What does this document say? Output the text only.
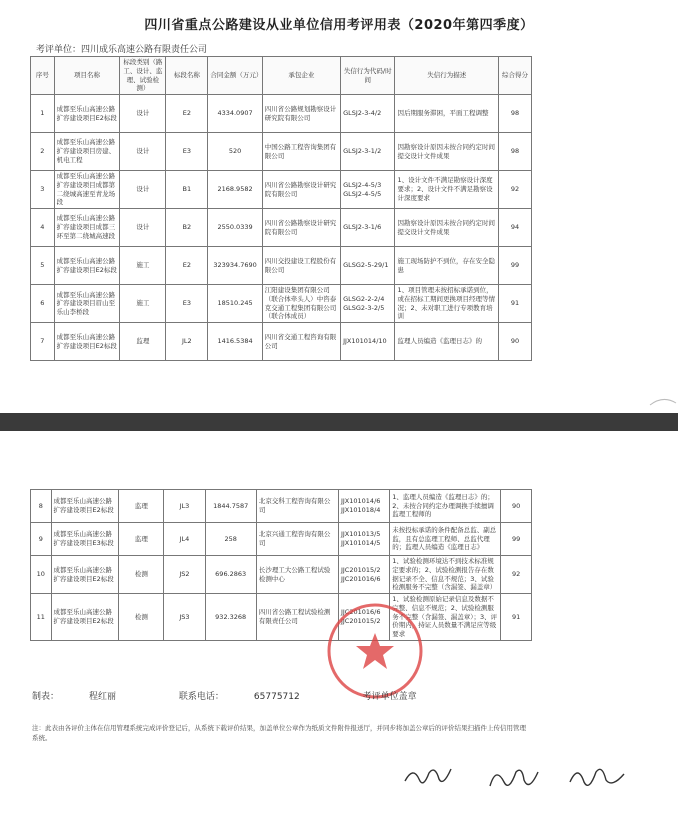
四川省重点公路建设从业单位信用考评用表（2020年第四季度）
考评单位：四川成乐高速公路有限责任公司
序号	项目名称	标段类别（路工、设计、监理、试验检测）	标段名称	合同金额（万元）	承包企业	失信行为代码/时间	失信行为描述	综合得分
1	成都至乐山高速公路扩容建设项目E2标段	设计	E2	4334.0907	四川省公路规划勘察设计研究院有限公司	GLSJ2-3-4/2	因后期服务滞困，平面工程调整	98
2	成都至乐山高速公路扩容建设项目房建、机电工程	设计	E3	520	中国公路工程咨询集团有限公司	GLSJ2-3-1/2	因勘察设计原因未按合同约定时间提交设计文件成果	98
3	成都至乐山高速公路扩容建设项目成都第二绕城高速至青龙场段	设计	B1	2168.9582	四川省公路勘察设计研究院有限公司	GLSJ2-4-5/3 GLSJ2-4-5/5	1、设计文件不满足勘察设计深度要求；2、设计文件不满足勘察设计深度要求	92
4	成都至乐山高速公路扩容建设项目成都三环至第二绕城高速段	设计	B2	2550.0339	四川省公路勘察设计研究院有限公司	GLSJ2-3-1/6	因勘察设计原因未按合同约定时间提交设计文件成果	94
5	成都至乐山高速公路扩容建设项目E2标段	施工	E2	323934.7690	四川交投建设工程股份有限公司	GLSG2-5-29/1	施工现场防护不到位，存在安全隐患	99
6	成都至乐山高速公路扩容建设项目眉山至乐山李桥段	施工	E3	18510.245	江阳建设集团有限公司（联合体牵头人）中咨泰克交通工程集团有限公司（联合体成员）	GLSG2-2-2/4 GLSG2-3-2/5	1、项目管理未按招标承诺到位，或在招标工期间更换项目经理等情况；2、未对职工进行专项教育培训	91
7	成都至乐山高速公路扩容建设项目E2标段	监理	JL2	1416.5384	四川省交通工程咨询有限公司	JJX101014/10	监理人员编造《监理日志》的	90
8	成都至乐山高速公路扩容建设项目E2标段	监理	JL3	1844.7587	北京交科工程咨询有限公司	JJX101014/6 JJX101018/4	1、监理人员编造《监理日志》的；2、未按合同约定办理调换手续擅调监理工程师的	90
9	成都至乐山高速公路扩容建设项目E3标段	监理	JL4	258	北京兴通工程咨询有限公司	JJX101013/5 JJX101014/5	未按投标承诺的条件配备总监、副总监，且有总监理工程师、总监代理的；监理人员编造《监理日志》	99
10	成都至乐山高速公路扩容建设项目E2标段	检测	JS2	696.2863	长沙理工大公路工程试验检测中心	JJC201015/2 JJC201016/6	1、试验检测环境达不到技术标准规定要求的；2、试验检测报告存在数据记录不全、信息不规范；3、试验检测服务不完整（含漏签、漏盖章）	92
11	成都至乐山高速公路扩容建设项目E2标段	检测	JS3	932.3268	四川省公路工程试验检测有限责任公司	JJC201016/6 JJC201015/2	1、试验检测原始记录信息及数据不完整、信息不规范；2、试验检测服务不完整（含漏签、漏盖章）；3、评价期内，持证人员数量不满足应等级要求	91
制表：	程红丽	联系电话：	65775712	考评单位盖章
注：此表由各评价主体在信用管理系统完成评价登记后，从系统下载评价结果，加盖单位公章作为纸质文件附件报送厅，并同步将加盖公章后的评价结果扫描件上传信用管理系统。
